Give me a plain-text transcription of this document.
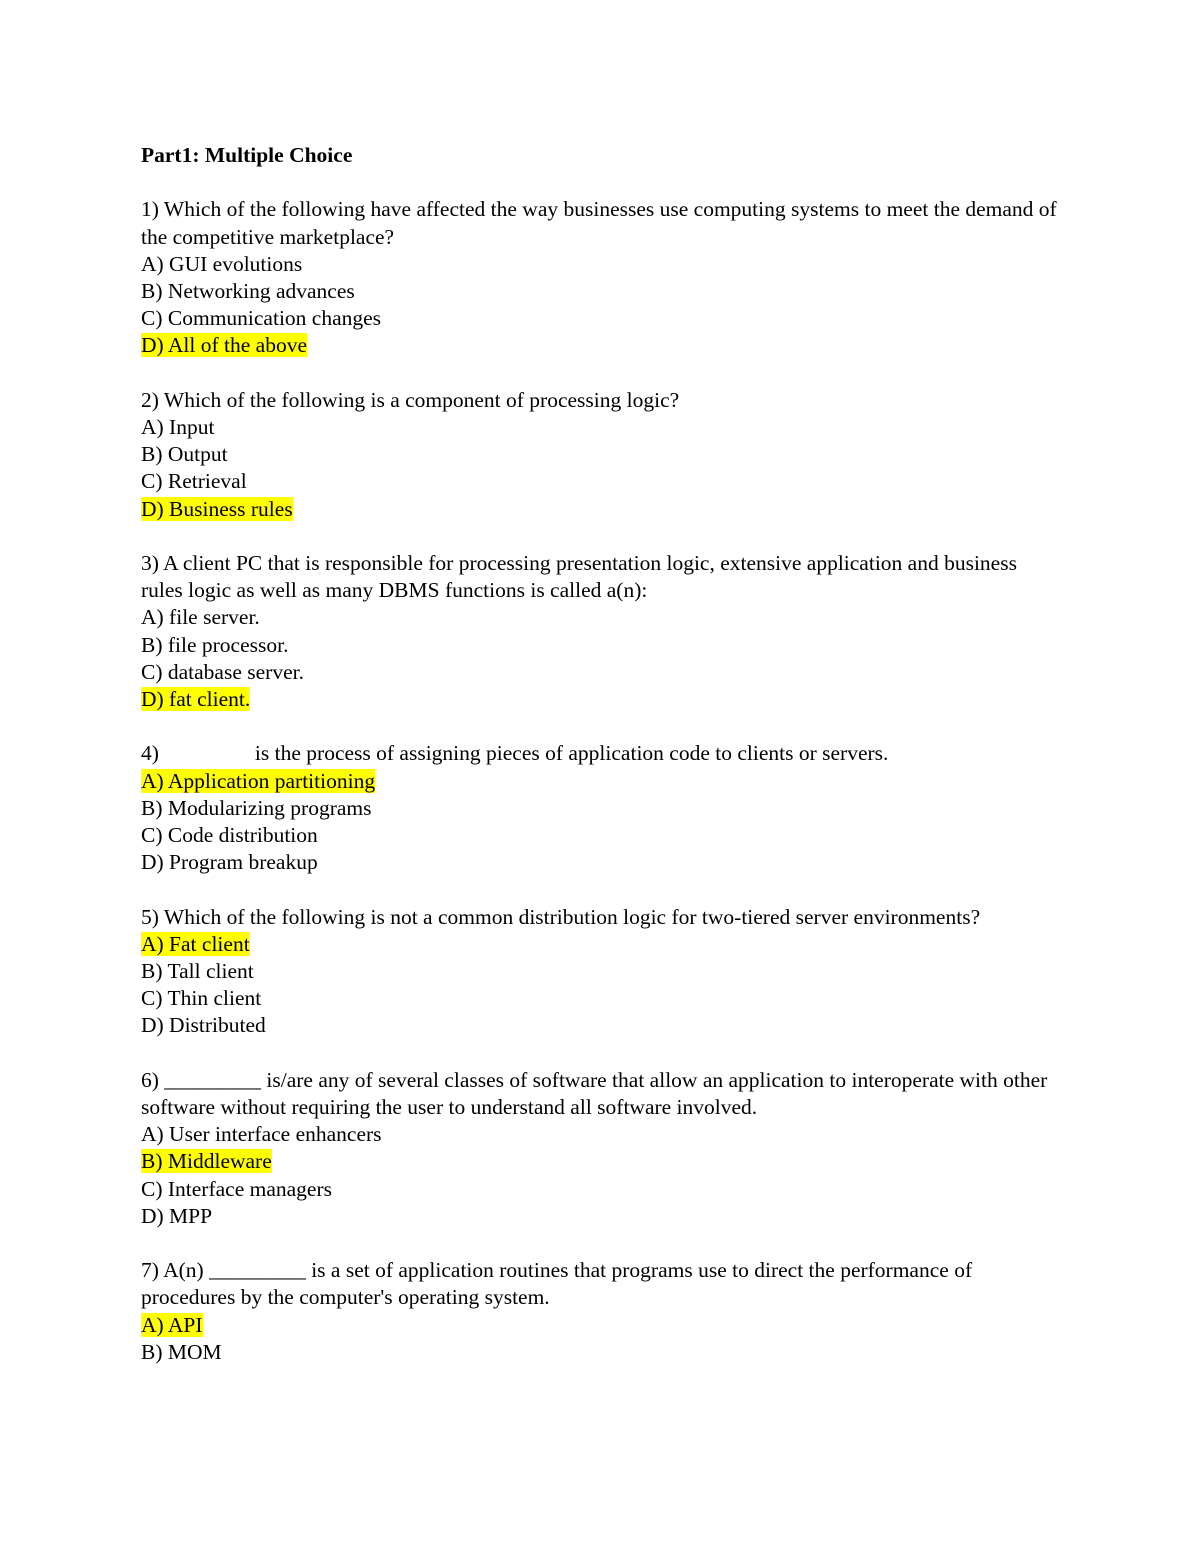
Part1: Multiple Choice

1) Which of the following have affected the way businesses use computing systems to meet the demand of the competitive marketplace?

A) GUI evolutions
B) Networking advances
C) Communication changes
D) All of the above

2) Which of the following is a component of processing logic?

A) Input
B) Output
C) Retrieval
D) Business rules

3) A client PC that is responsible for processing presentation logic, extensive application and business rules logic as well as many DBMS functions is called a(n):

A) file server.
B) file processor.
C) database server.
D) fat client.

4)	is the process of assigning pieces of application code to clients or servers.

A) Application partitioning
B) Modularizing programs
C) Code distribution
D) Program breakup

5) Which of the following is not a common distribution logic for two-tiered server environments?

A) Fat client
B) Tall client
C) Thin client
D) Distributed

6) _________ is/are any of several classes of software that allow an application to interoperate with other software without requiring the user to understand all software involved.

A) User interface enhancers
B) Middleware
C) Interface managers
D) MPP

7) A(n) _________ is a set of application routines that programs use to direct the performance of procedures by the computer's operating system.

A) API
B) MOM
